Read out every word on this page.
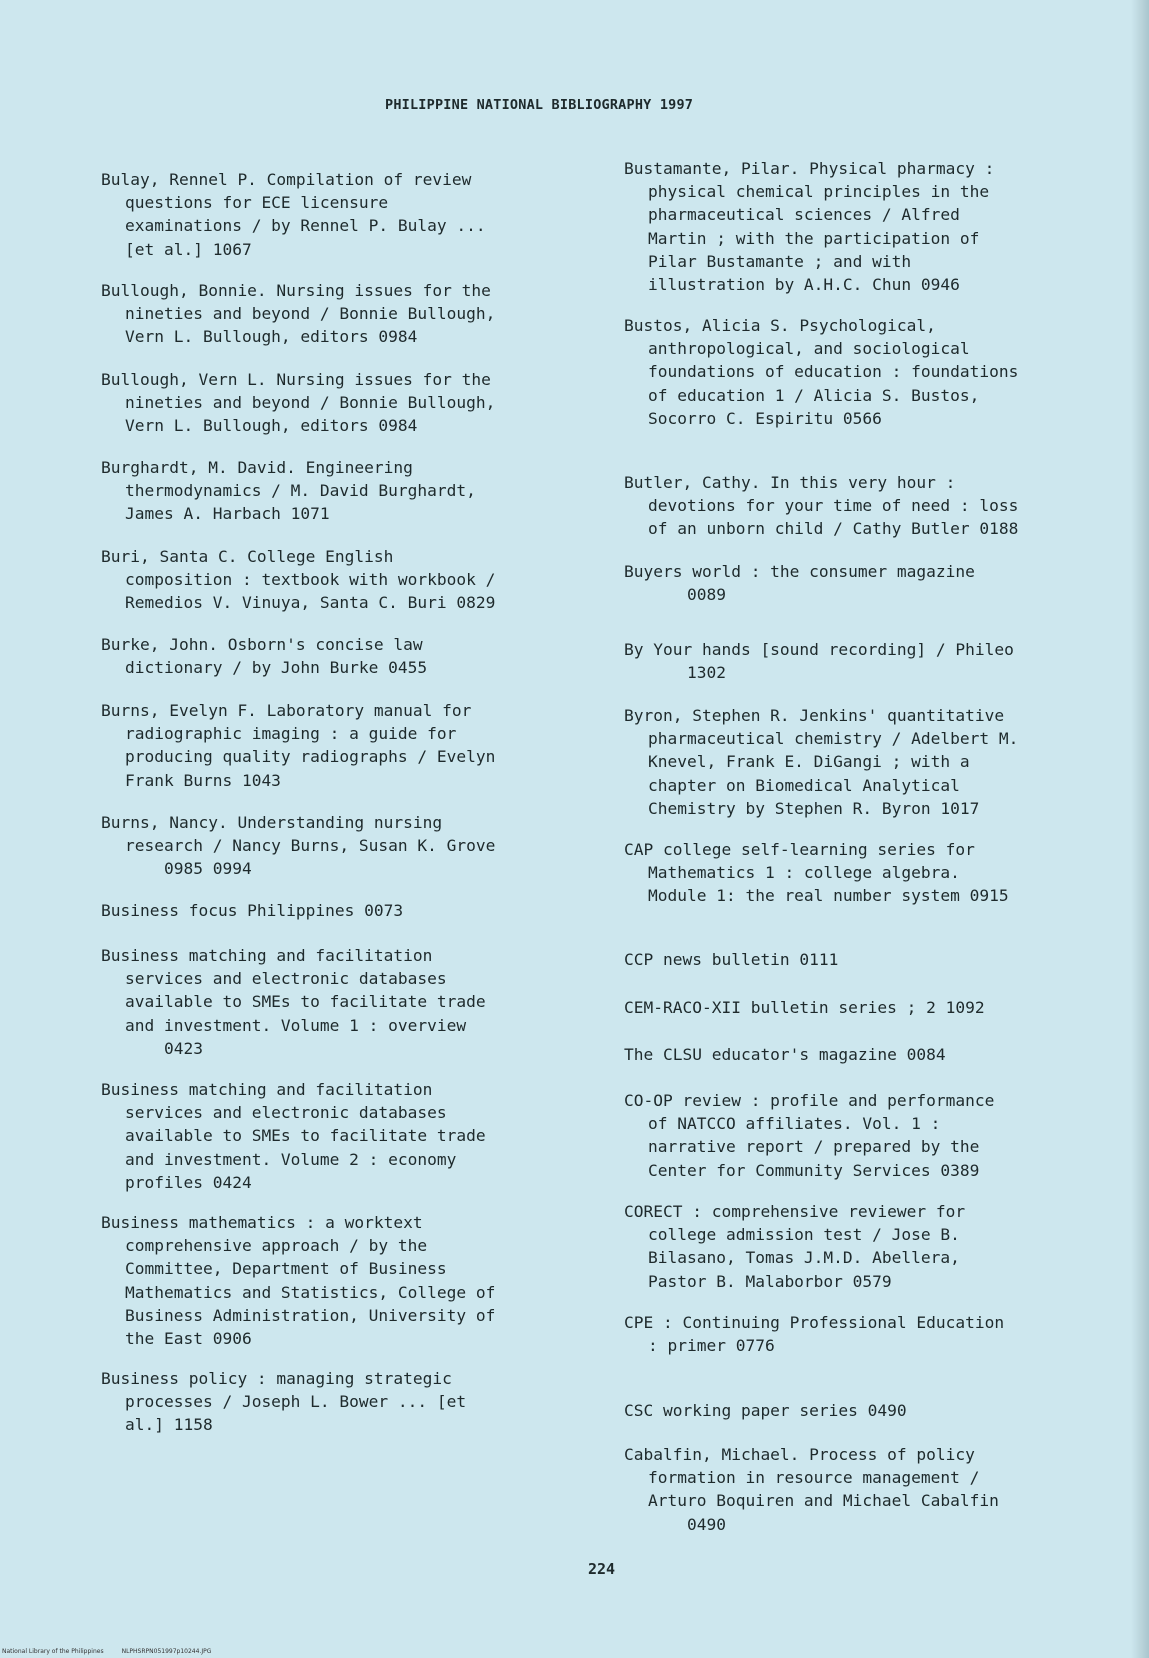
PHILIPPINE NATIONAL BIBLIOGRAPHY 1997
Bulay, Rennel P. Compilation of review
questions for ECE licensure
examinations / by Rennel P. Bulay ...
[et al.] 1067
Bullough, Bonnie. Nursing issues for the
nineties and beyond / Bonnie Bullough,
Vern L. Bullough, editors 0984
Bullough, Vern L. Nursing issues for the
nineties and beyond / Bonnie Bullough,
Vern L. Bullough, editors 0984
Burghardt, M. David. Engineering
thermodynamics / M. David Burghardt,
James A. Harbach 1071
Buri, Santa C. College English
composition : textbook with workbook /
Remedios V. Vinuya, Santa C. Buri 0829
Burke, John. Osborn's concise law
dictionary / by John Burke 0455
Burns, Evelyn F. Laboratory manual for
radiographic imaging : a guide for
producing quality radiographs / Evelyn
Frank Burns 1043
Burns, Nancy. Understanding nursing
research / Nancy Burns, Susan K. Grove
0985 0994
Business focus Philippines 0073
Business matching and facilitation
services and electronic databases
available to SMEs to facilitate trade
and investment. Volume 1 : overview
0423
Business matching and facilitation
services and electronic databases
available to SMEs to facilitate trade
and investment. Volume 2 : economy
profiles 0424
Business mathematics : a worktext
comprehensive approach / by the
Committee, Department of Business
Mathematics and Statistics, College of
Business Administration, University of
the East 0906
Business policy : managing strategic
processes / Joseph L. Bower ... [et
al.] 1158
Bustamante, Pilar. Physical pharmacy :
physical chemical principles in the
pharmaceutical sciences / Alfred
Martin ; with the participation of
Pilar Bustamante ; and with
illustration by A.H.C. Chun 0946
Bustos, Alicia S. Psychological,
anthropological, and sociological
foundations of education : foundations
of education 1 / Alicia S. Bustos,
Socorro C. Espiritu 0566
Butler, Cathy. In this very hour :
devotions for your time of need : loss
of an unborn child / Cathy Butler 0188
Buyers world : the consumer magazine
0089
By Your hands [sound recording] / Phileo
1302
Byron, Stephen R. Jenkins' quantitative
pharmaceutical chemistry / Adelbert M.
Knevel, Frank E. DiGangi ; with a
chapter on Biomedical Analytical
Chemistry by Stephen R. Byron 1017
CAP college self-learning series for
Mathematics 1 : college algebra.
Module 1: the real number system 0915
CCP news bulletin 0111
CEM-RACO-XII bulletin series ; 2 1092
The CLSU educator's magazine 0084
CO-OP review : profile and performance
of NATCCO affiliates. Vol. 1 :
narrative report / prepared by the
Center for Community Services 0389
CORECT : comprehensive reviewer for
college admission test / Jose B.
Bilasano, Tomas J.M.D. Abellera,
Pastor B. Malaborbor 0579
CPE : Continuing Professional Education
: primer 0776
CSC working paper series 0490
Cabalfin, Michael. Process of policy
formation in resource management /
Arturo Boquiren and Michael Cabalfin
0490
224
National Library of the Philippines	NLPHSRPN051997p10244.JPG
